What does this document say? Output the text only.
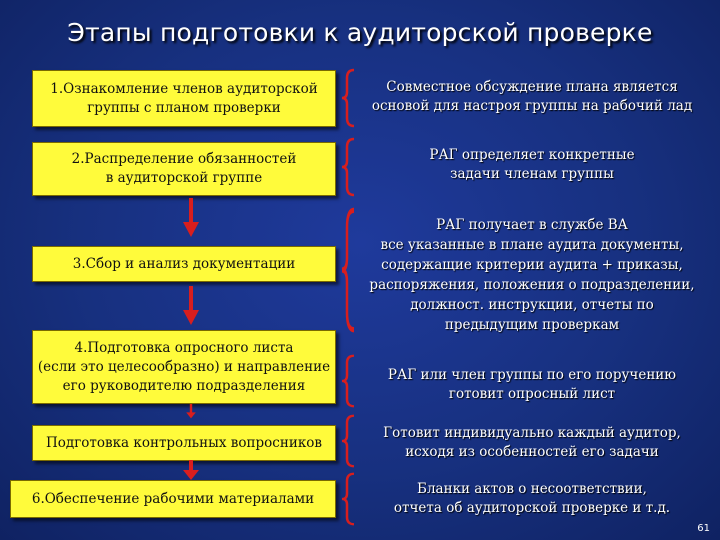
Этапы подготовки к аудиторской проверке
1.Ознакомление членов аудиторской
группы с планом проверки
2.Распределение обязанностей
в аудиторской группе
3.Сбор и анализ документации
4.Подготовка опросного листа
(если это целесообразно) и направление
его руководителю подразделения
Подготовка контрольных вопросников
6.Обеспечение рабочими материалами
Совместное обсуждение плана является
основой для настроя группы на рабочий лад
РАГ определяет конкретные
задачи членам группы
РАГ получает в службе ВА
все указанные в плане аудита документы,
содержащие критерии аудита + приказы,
распоряжения, положения о подразделении,
должност. инструкции, отчеты по
предыдущим проверкам
РАГ или член группы по его поручению
готовит опросный лист
Готовит индивидуально каждый аудитор,
исходя из особенностей его задачи
Бланки актов о несоответствии,
отчета об аудиторской проверке и т.д.
61
